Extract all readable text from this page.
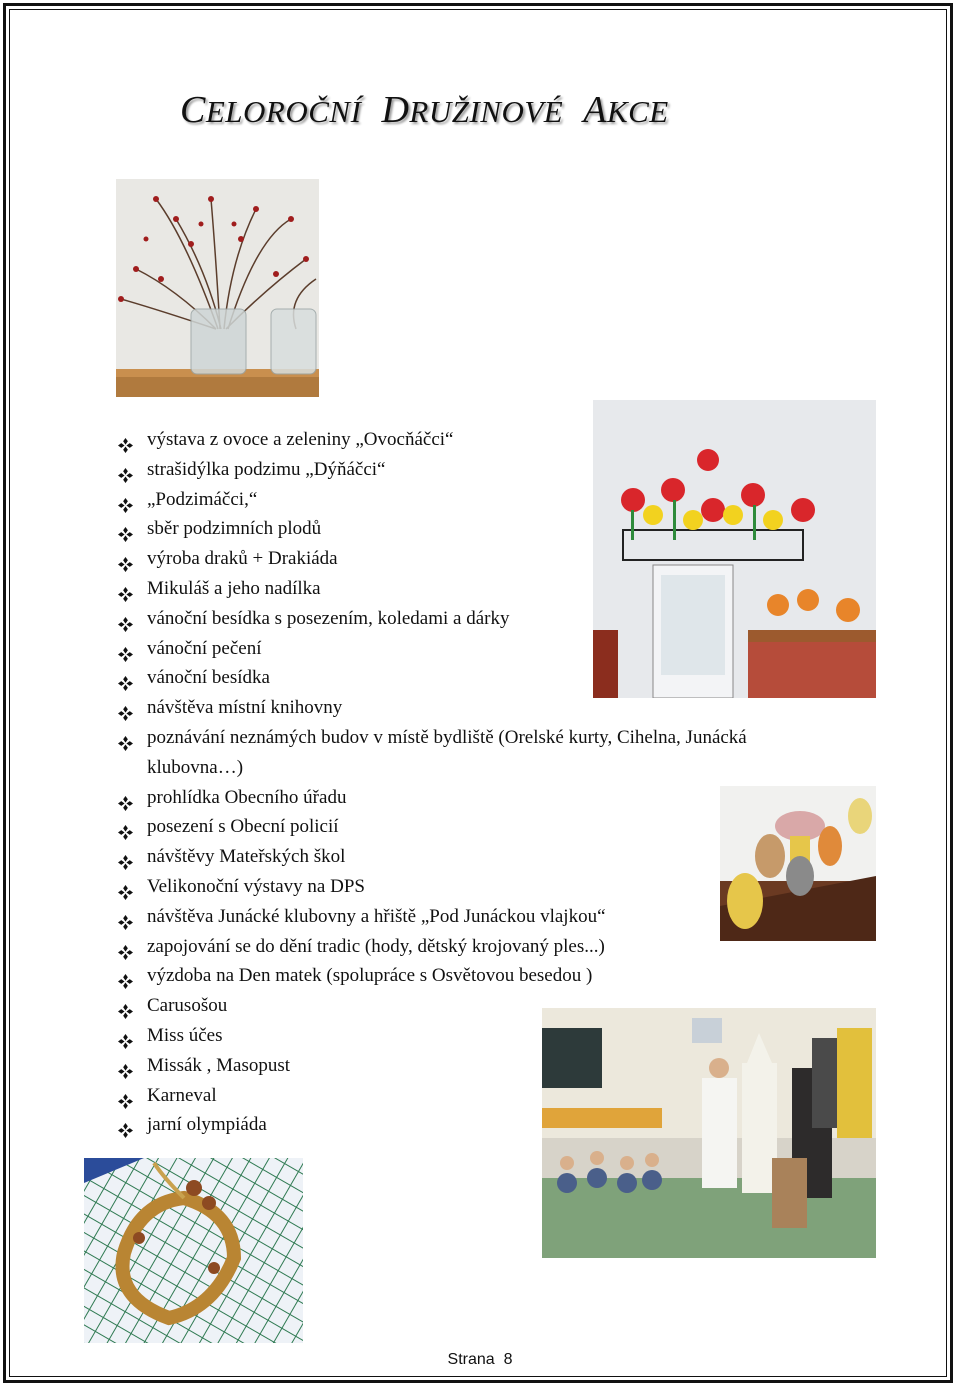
CELOROČNÍ DRUŽINOVÉ AKCE
výstava z ovoce a zeleniny „Ovocňáčci“
strašidýlka podzimu „Dýňáčci“
„Podzimáčci,“
sběr podzimních plodů
výroba draků + Drakiáda
Mikuláš a jeho nadílka
vánoční besídka s posezením, koledami a dárky
vánoční pečení
vánoční besídka
návštěva místní knihovny
poznávání neznámých budov v místě bydliště (Orelské kurty, Cihelna, Junácká klubovna…)
prohlídka Obecního úřadu
posezení s Obecní policií
návštěvy Mateřských škol
Velikonoční výstavy na DPS
návštěva Junácké klubovny a hřiště „Pod Junáckou vlajkou“
zapojování se do dění tradic (hody, dětský krojovaný ples...)
výzdoba na Den matek (spolupráce s Osvětovou besedou )
Carusošou
Miss účes
Missák , Masopust
Karneval
jarní olympiáda
Strana 8
